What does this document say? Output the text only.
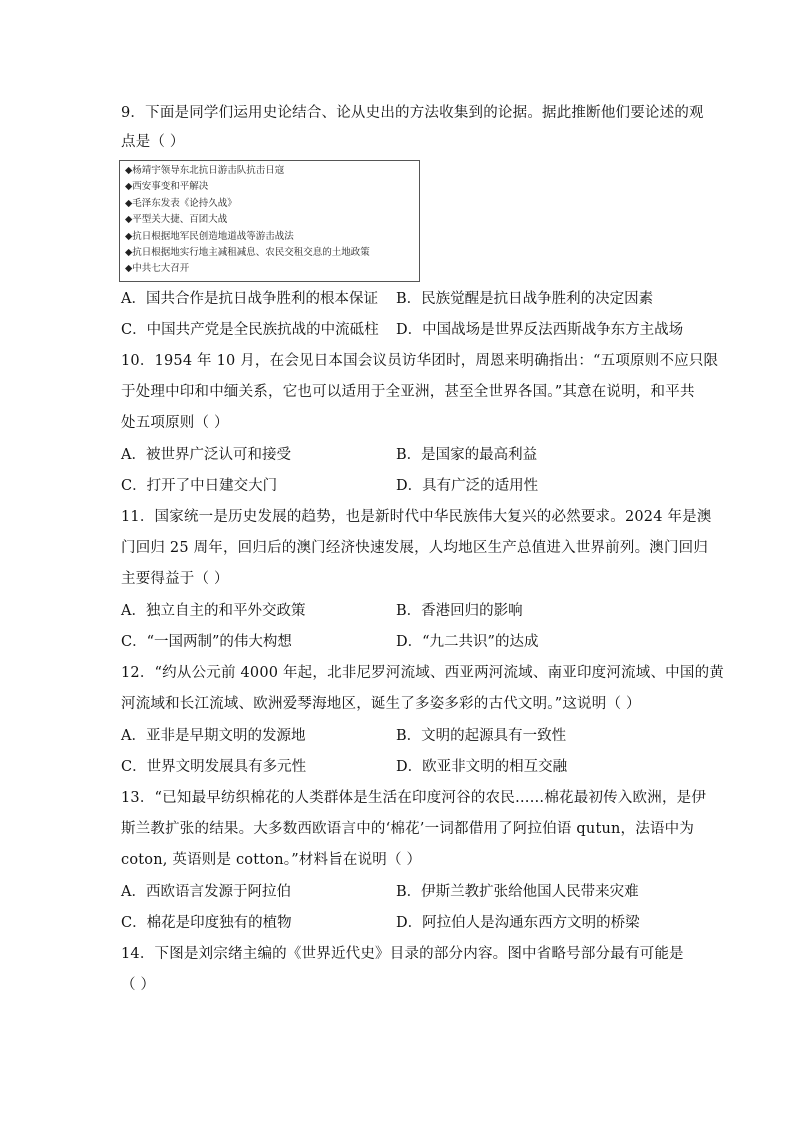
9．下面是同学们运用史论结合、论从史出的方法收集到的论据。据此推断他们要论述的观
点是（ ）
◆杨靖宇领导东北抗日游击队抗击日寇
◆西安事变和平解决
◆毛泽东发表《论持久战》
◆平型关大捷、百团大战
◆抗日根据地军民创造地道战等游击战法
◆抗日根据地实行地主减租减息、农民交租交息的土地政策
◆中共七大召开
A．国共合作是抗日战争胜利的根本保证 B．民族觉醒是抗日战争胜利的决定因素
C．中国共产党是全民族抗战的中流砥柱 D．中国战场是世界反法西斯战争东方主战场
10．1954 年 10 月，在会见日本国会议员访华团时，周恩来明确指出：“五项原则不应只限
于处理中印和中缅关系，它也可以适用于全亚洲，甚至全世界各国。”其意在说明，和平共
处五项原则（ ）
A．被世界广泛认可和接受	B．是国家的最高利益
C．打开了中日建交大门	D．具有广泛的适用性
11．国家统一是历史发展的趋势，也是新时代中华民族伟大复兴的必然要求。2024 年是澳
门回归 25 周年，回归后的澳门经济快速发展，人均地区生产总值进入世界前列。澳门回归
主要得益于（ ）
A．独立自主的和平外交政策	B．香港回归的影响
C．“一国两制”的伟大构想	D．“九二共识”的达成
12．“约从公元前 4000 年起，北非尼罗河流域、西亚两河流域、南亚印度河流域、中国的黄
河流域和长江流域、欧洲爱琴海地区，诞生了多姿多彩的古代文明。”这说明（ ）
A．亚非是早期文明的发源地	B．文明的起源具有一致性
C．世界文明发展具有多元性	D．欧亚非文明的相互交融
13．“已知最早纺织棉花的人类群体是生活在印度河谷的农民……棉花最初传入欧洲，是伊
斯兰教扩张的结果。大多数西欧语言中的‘棉花’一词都借用了阿拉伯语 qutun，法语中为
coton, 英语则是 cotton。”材料旨在说明（ ）
A．西欧语言发源于阿拉伯	B．伊斯兰教扩张给他国人民带来灾难
C．棉花是印度独有的植物	D．阿拉伯人是沟通东西方文明的桥梁
14．下图是刘宗绪主编的《世界近代史》目录的部分内容。图中省略号部分最有可能是
（ ）
